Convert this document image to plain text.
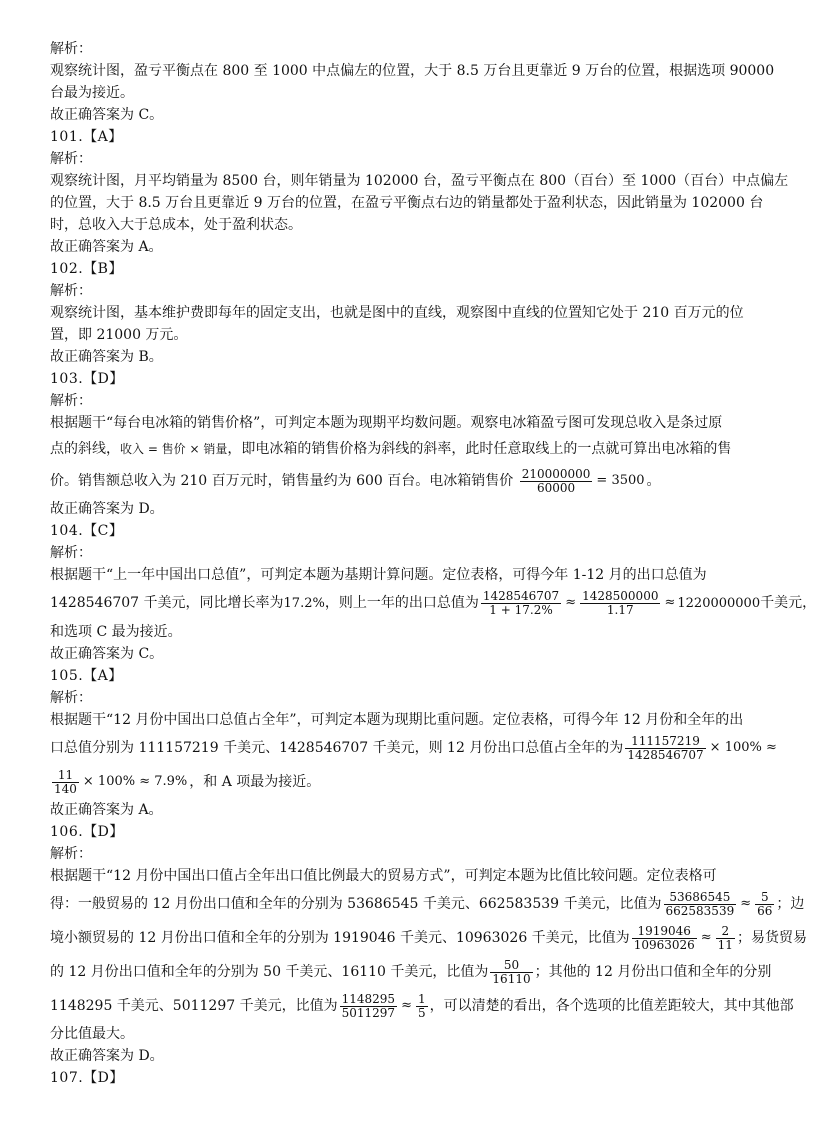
解析：
观察统计图，盈亏平衡点在 800 至 1000 中点偏左的位置，大于 8.5 万台且更靠近 9 万台的位置，根据选项 90000
台最为接近。
故正确答案为 C。
101.【A】
解析：
观察统计图，月平均销量为 8500 台，则年销量为 102000 台，盈亏平衡点在 800（百台）至 1000（百台）中点偏左
的位置，大于 8.5 万台且更靠近 9 万台的位置，在盈亏平衡点右边的销量都处于盈利状态，因此销量为 102000 台
时，总收入大于总成本，处于盈利状态。
故正确答案为 A。
102.【B】
解析：
观察统计图，基本维护费即每年的固定支出，也就是图中的直线，观察图中直线的位置知它处于 210 百万元的位
置，即 21000 万元。
故正确答案为 B。
103.【D】
解析：
根据题干“每台电冰箱的销售价格”，可判定本题为现期平均数问题。观察电冰箱盈亏图可发现总收入是条过原
点的斜线，收入 = 售价 × 销量，即电冰箱的销售价格为斜线的斜率，此时任意取线上的一点就可算出电冰箱的售
价。销售额总收入为 210 百万元时，销售量约为 600 百台。电冰箱销售价 $\frac{210000000}{60000} = 3500$ 。
故正确答案为 D。
104.【C】
解析：
根据题干“上一年中国出口总值”，可判定本题为基期计算问题。定位表格，可得今年 1-12 月的出口总值为
1428546707 千美元，同比增长率为17.2%，则上一年的出口总值为 $\frac{1428546707}{1 + 17.2\%} \approx \frac{1428500000}{1.17} \approx 1220000000$千美元，
和选项 C 最为接近。
故正确答案为 C。
105.【A】
解析：
根据题干“12 月份中国出口总值占全年”，可判定本题为现期比重问题。定位表格，可得今年 12 月份和全年的出
口总值分别为 111157219 千美元、1428546707 千美元，则 12 月份出口总值占全年的为 $\frac{111157219}{1428546707} \times 100\%$ ≈
$\frac{11}{140} \times 100\% \approx 7.9\%$ ，和 A 项最为接近。
故正确答案为 A。
106.【D】
解析：
根据题干“12 月份中国出口值占全年出口值比例最大的贸易方式”，可判定本题为比值比较问题。定位表格可
得：一般贸易的 12 月份出口值和全年的分别为 53686545 千美元、662583539 千美元，比值为 $\frac{53686545}{662583539} \approx \frac{5}{66}$ ；边
境小额贸易的 12 月份出口值和全年的分别为 1919046 千美元、10963026 千美元，比值为 $\frac{1919046}{10963026} \approx \frac{2}{11}$ ；易货贸易
的 12 月份出口值和全年的分别为 50 千美元、16110 千美元，比值为 $\frac{50}{16110}$ ；其他的 12 月份出口值和全年的分别
1148295 千美元、5011297 千美元，比值为 $\frac{1148295}{5011297} \approx \frac{1}{5}$ ，可以清楚的看出，各个选项的比值差距较大，其中其他部
分比值最大。
故正确答案为 D。
107.【D】
